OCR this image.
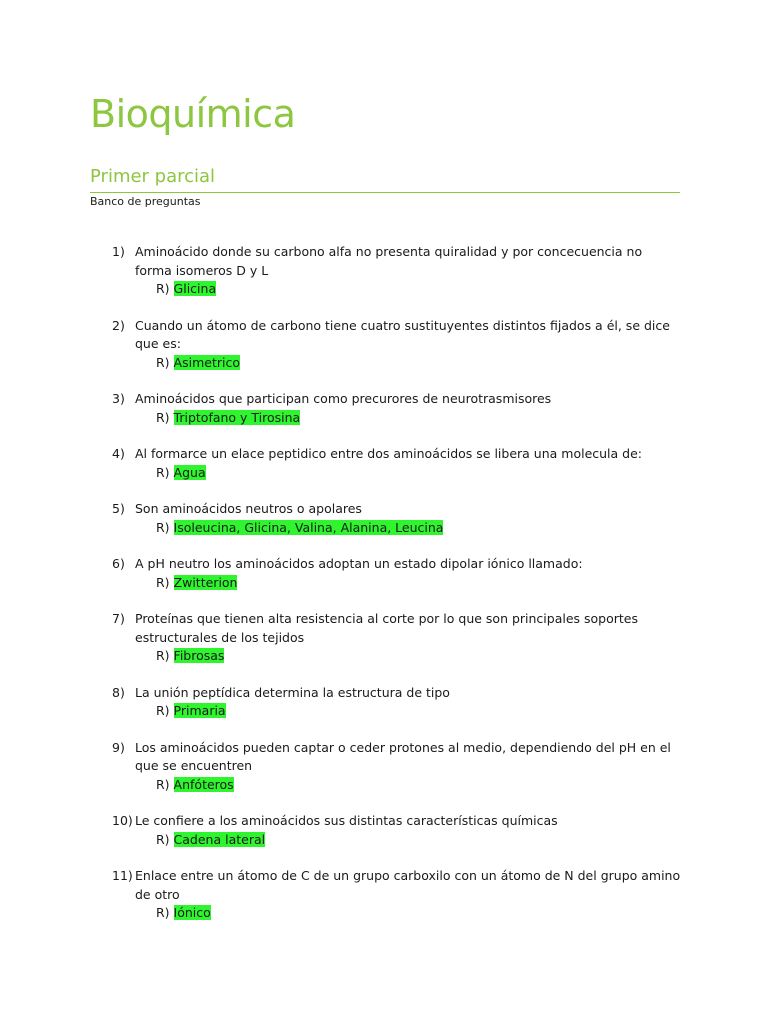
Bioquímica
Primer parcial
Banco de preguntas
1) Aminoácido donde su carbono alfa no presenta quiralidad y por concecuencia no forma isomeros D y L
R) Glicina
2) Cuando un átomo de carbono tiene cuatro sustituyentes distintos fijados a él, se dice que es:
R) Asimetrico
3) Aminoácidos que participan como precurores de neurotrasmisores
R) Triptofano y Tirosina
4) Al formarce un elace peptidico entre dos aminoácidos se libera una molecula de:
R) Agua
5) Son aminoácidos neutros o apolares
R) Isoleucina, Glicina, Valina, Alanina, Leucina
6) A pH neutro los aminoácidos adoptan un estado dipolar iónico llamado:
R) Zwitterion
7) Proteínas que tienen alta resistencia al corte por lo que son principales soportes estructurales de los tejidos
R) Fibrosas
8) La unión peptídica determina la estructura de tipo
R) Primaria
9) Los aminoácidos pueden captar o ceder protones al medio, dependiendo del pH en el que se encuentren
R) Anfóteros
10) Le confiere a los aminoácidos sus distintas características químicas
R) Cadena lateral
11) Enlace entre un átomo de C de un grupo carboxilo con un átomo de N del grupo amino de otro
R) Iónico
